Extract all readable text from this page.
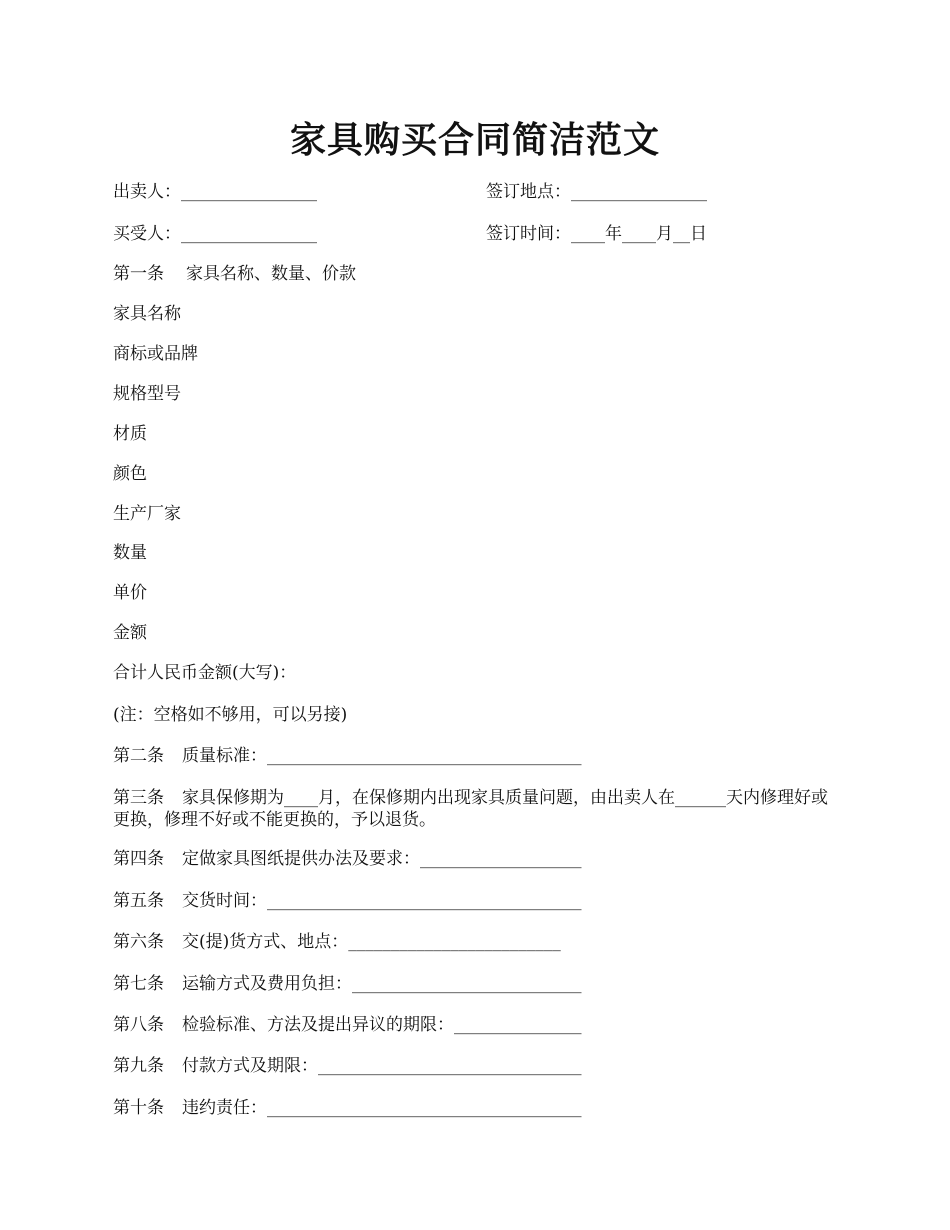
家具购买合同简洁范文
出卖人：________________	签订地点：________________
买受人：________________	签订时间：____年____月__日
第一条 家具名称、数量、价款
家具名称
商标或品牌
规格型号
材质
颜色
生产厂家
数量
单价
金额
合计人民币金额(大写)：
(注：空格如不够用，可以另接)
第二条 质量标准：_____________________________________
第三条 家具保修期为____月，在保修期内出现家具质量问题，由出卖人在______天内修理好或更换，修理不好或不能更换的，予以退货。
第四条 定做家具图纸提供办法及要求：___________________
第五条 交货时间：_____________________________________
第六条 交(提)货方式、地点：_________________________
第七条 运输方式及费用负担：___________________________
第八条 检验标准、方法及提出异议的期限：_______________
第九条 付款方式及期限：_______________________________
第十条 违约责任：_____________________________________
